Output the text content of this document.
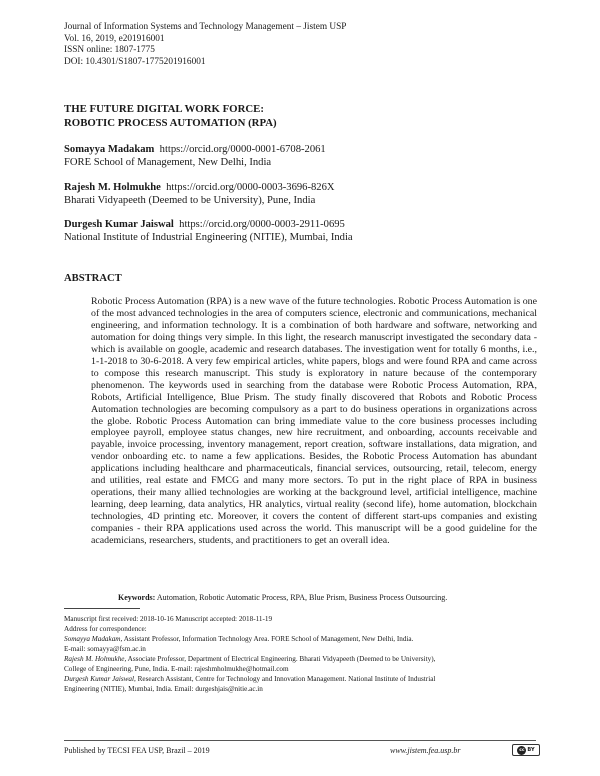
Journal of Information Systems and Technology Management – Jistem USP
Vol. 16, 2019, e201916001
ISSN online: 1807-1775
DOI: 10.4301/S1807-1775201916001
THE FUTURE DIGITAL WORK FORCE:
ROBOTIC PROCESS AUTOMATION (RPA)
Somayya Madakam https://orcid.org/0000-0001-6708-2061
FORE School of Management, New Delhi, India
Rajesh M. Holmukhe https://orcid.org/0000-0003-3696-826X
Bharati Vidyapeeth (Deemed to be University), Pune, India
Durgesh Kumar Jaiswal https://orcid.org/0000-0003-2911-0695
National Institute of Industrial Engineering (NITIE), Mumbai, India
ABSTRACT
Robotic Process Automation (RPA) is a new wave of the future technologies. Robotic Process Automation is one of the most advanced technologies in the area of computers science, electronic and communications, mechanical engineering, and information technology. It is a combination of both hardware and software, networking and automation for doing things very simple. In this light, the research manuscript investigated the secondary data - which is available on google, academic and research databases. The investigation went for totally 6 months, i.e., 1-1-2018 to 30-6-2018. A very few empirical articles, white papers, blogs and were found RPA and came across to compose this research manuscript. This study is exploratory in nature because of the contemporary phenomenon. The keywords used in searching from the database were Robotic Process Automation, RPA, Robots, Artificial Intelligence, Blue Prism. The study finally discovered that Robots and Robotic Process Automation technologies are becoming compulsory as a part to do business operations in organizations across the globe. Robotic Process Automation can bring immediate value to the core business processes including employee payroll, employee status changes, new hire recruitment, and onboarding, accounts receivable and payable, invoice processing, inventory management, report creation, software installations, data migration, and vendor onboarding etc. to name a few applications. Besides, the Robotic Process Automation has abundant applications including healthcare and pharmaceuticals, financial services, outsourcing, retail, telecom, energy and utilities, real estate and FMCG and many more sectors. To put in the right place of RPA in business operations, their many allied technologies are working at the background level, artificial intelligence, machine learning, deep learning, data analytics, HR analytics, virtual reality (second life), home automation, blockchain technologies, 4D printing etc. Moreover, it covers the content of different start-ups companies and existing companies - their RPA applications used across the world. This manuscript will be a good guideline for the academicians, researchers, students, and practitioners to get an overall idea.
Keywords: Automation, Robotic Automatic Process, RPA, Blue Prism, Business Process Outsourcing.
Manuscript first received: 2018-10-16 Manuscript accepted: 2018-11-19
Address for correspondence:
Somayya Madakam, Assistant Professor, Information Technology Area. FORE School of Management, New Delhi, India.
E-mail: somayya@fsm.ac.in
Rajesh M. Holmukhe, Associate Professor, Department of Electrical Engineering. Bharati Vidyapeeth (Deemed to be University),
College of Engineering, Pune, India. E-mail: rajeshmholmukhe@hotmail.com
Durgesh Kumar Jaiswal, Research Assistant, Centre for Technology and Innovation Management. National Institute of Industrial
Engineering (NITIE), Mumbai, India. Email: durgeshjais@nitie.ac.in
Published by TECSI FEA USP, Brazil – 2019	www.jistem.fea.usp.br	cc BY
